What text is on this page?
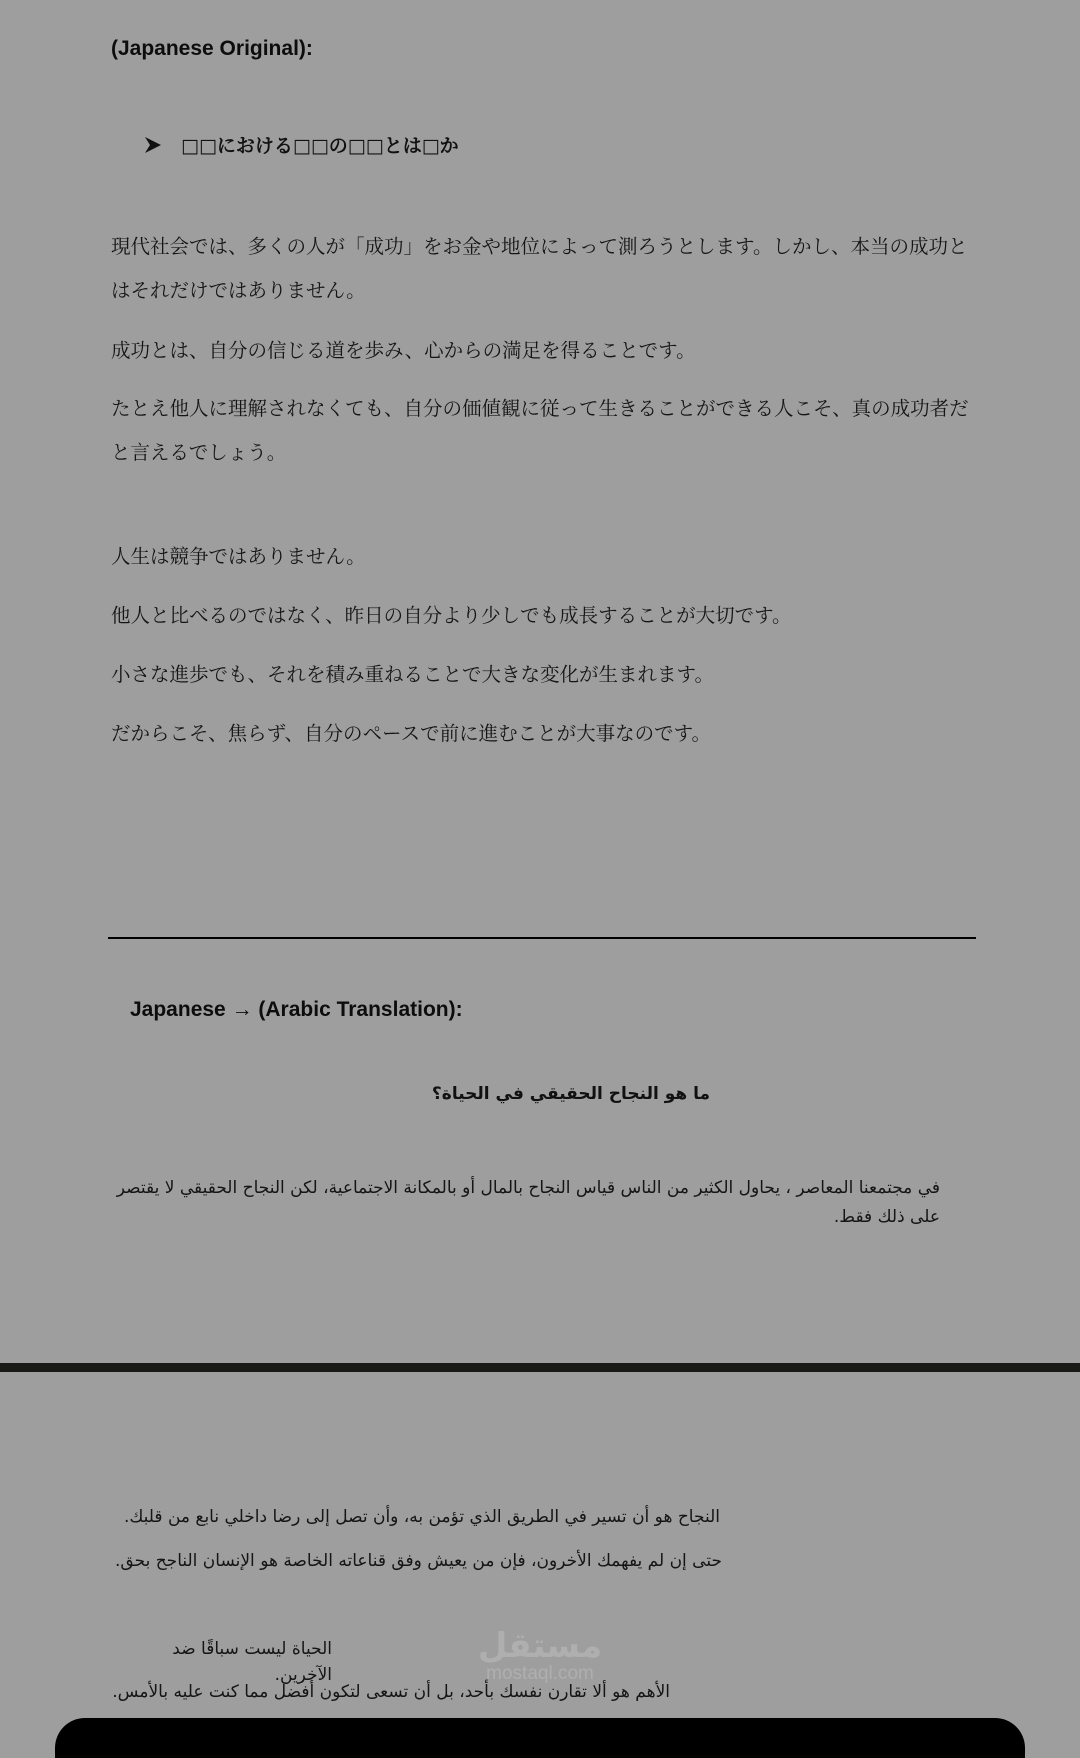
(Japanese Original):
□□における□□の□□とは□か
現代社会では、多くの人が「成功」をお金や地位によって測ろうとします。しかし、本当の成功とはそれだけではありません。
成功とは、自分の信じる道を歩み、心からの満足を得ることです。
たとえ他人に理解されなくても、自分の価値観に従って生きることができる人こそ、真の成功者だと言えるでしょう。
人生は競争ではありません。
他人と比べるのではなく、昨日の自分より少しでも成長することが大切です。
小さな進歩でも、それを積み重ねることで大きな変化が生まれます。
だからこそ、焦らず、自分のペースで前に進むことが大事なのです。
Japanese → (Arabic Translation):
ما هو النجاح الحقيقي في الحياة؟
في مجتمعنا المعاصر ، يحاول الكثير من الناس قياس النجاح بالمال أو بالمكانة الاجتماعية، لكن النجاح الحقيقي لا يقتصر على ذلك فقط.
النجاح هو أن تسير في الطريق الذي تؤمن به، وأن تصل إلى رضا داخلي نابع من قلبك.
حتى إن لم يفهمك الأخرون، فإن من يعيش وفق قناعاته الخاصة هو الإنسان الناجح بحق.
الحياة ليست سباقًا ضد الآخرين.
الأهم هو ألا تقارن نفسك بأحد، بل أن تسعى لتكون أفضل مما كنت عليه بالأمس.
مستقل
mostaql.com
